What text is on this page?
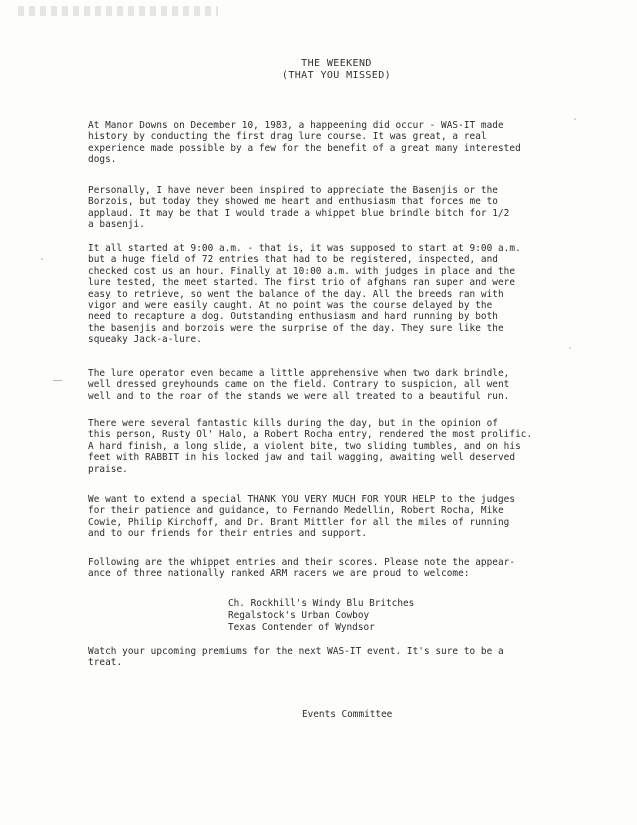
THE WEEKEND
(THAT YOU MISSED)
At Manor Downs on December 10, 1983, a happeening did occur - WAS-IT made
history by conducting the first drag lure course. It was great, a real
experience made possible by a few for the benefit of a great many interested
dogs.
Personally, I have never been inspired to appreciate the Basenjis or the
Borzois, but today they showed me heart and enthusiasm that forces me to
applaud. It may be that I would trade a whippet blue brindle bitch for 1/2
a basenji.
It all started at 9:00 a.m. - that is, it was supposed to start at 9:00 a.m.
but a huge field of 72 entries that had to be registered, inspected, and
checked cost us an hour. Finally at 10:00 a.m. with judges in place and the
lure tested, the meet started. The first trio of afghans ran super and were
easy to retrieve, so went the balance of the day. All the breeds ran with
vigor and were easily caught. At no point was the course delayed by the
need to recapture a dog. Outstanding enthusiasm and hard running by both
the basenjis and borzois were the surprise of the day. They sure like the
squeaky Jack-a-lure.
The lure operator even became a little apprehensive when two dark brindle,
well dressed greyhounds came on the field. Contrary to suspicion, all went
well and to the roar of the stands we were all treated to a beautiful run.
There were several fantastic kills during the day, but in the opinion of
this person, Rusty Ol' Halo, a Robert Rocha entry, rendered the most prolific.
A hard finish, a long slide, a violent bite, two sliding tumbles, and on his
feet with RABBIT in his locked jaw and tail wagging, awaiting well deserved
praise.
We want to extend a special THANK YOU VERY MUCH FOR YOUR HELP to the judges
for their patience and guidance, to Fernando Medellin, Robert Rocha, Mike
Cowie, Philip Kirchoff, and Dr. Brant Mittler for all the miles of running
and to our friends for their entries and support.
Following are the whippet entries and their scores. Please note the appear-
ance of three nationally ranked ARM racers we are proud to welcome:
Ch. Rockhill's Windy Blu Britches
Regalstock's Urban Cowboy
Texas Contender of Wyndsor
Watch your upcoming premiums for the next WAS-IT event. It's sure to be a
treat.
Events Committee
